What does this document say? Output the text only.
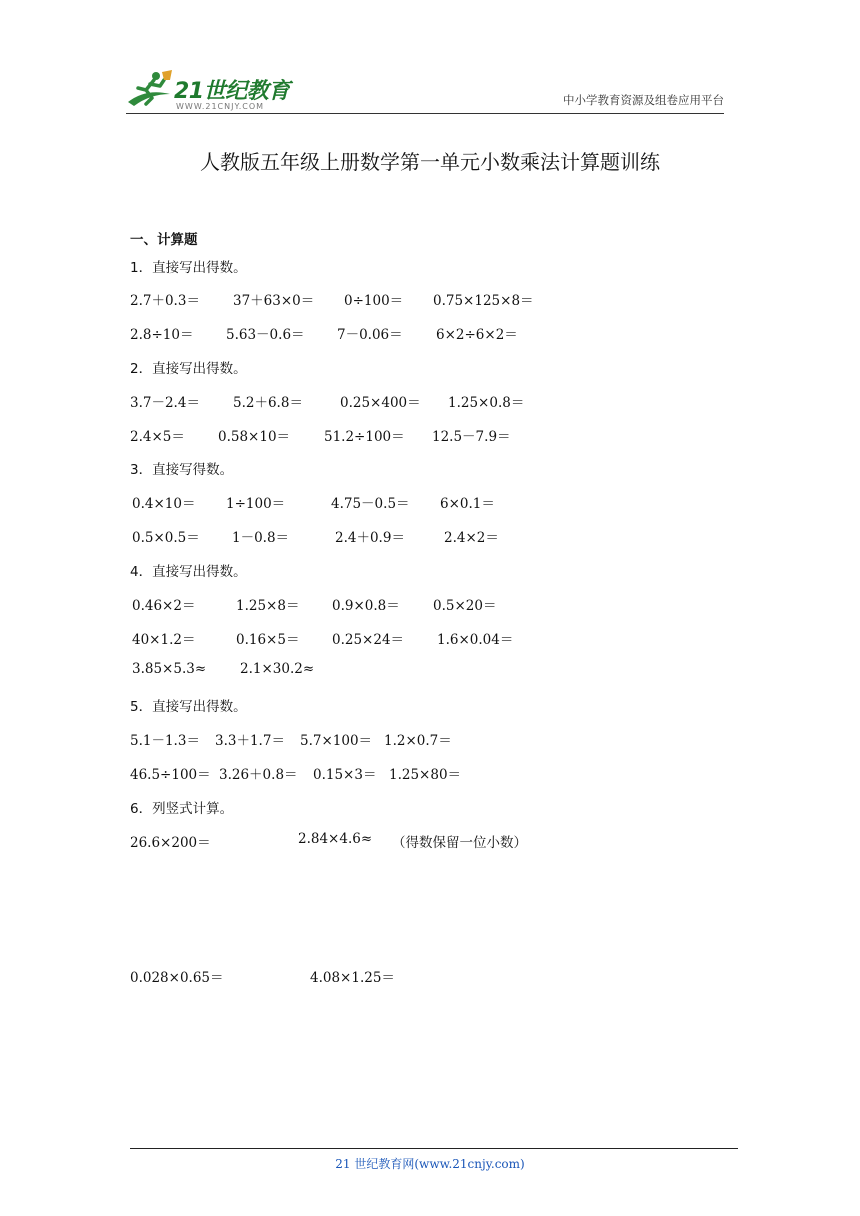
21世纪教育
WWW.21CNJY.COM	中小学教育资源及组卷应用平台
人教版五年级上册数学第一单元小数乘法计算题训练
一、计算题
1．直接写出得数。
2.7＋0.3＝ 37＋63×0＝ 0÷100＝ 0.75×125×8＝
2.8÷10＝ 5.63－0.6＝ 7－0.06＝ 6×2÷6×2＝
2．直接写出得数。
3.7－2.4＝ 5.2＋6.8＝	0.25×400＝ 1.25×0.8＝
2.4×5＝ 0.58×10＝	51.2÷100＝ 12.5－7.9＝
3．直接写得数。
0.4×10＝ 1÷100＝	4.75－0.5＝ 6×0.1＝
0.5×0.5＝ 1－0.8＝	2.4＋0.9＝	2.4×2＝
4．直接写出得数。
0.46×2＝	1.25×8＝ 0.9×0.8＝ 0.5×20＝
40×1.2＝	0.16×5＝ 0.25×24＝ 1.6×0.04＝
3.85×5.3≈	2.1×30.2≈
5．直接写出得数。
5.1－1.3＝ 3.3＋1.7＝ 5.7×100＝ 1.2×0.7＝
46.5÷100＝ 3.26＋0.8＝ 0.15×3＝ 1.25×80＝
6．列竖式计算。
26.6×200＝	2.84×4.6≈ （得数保留一位小数）
0.028×0.65＝	4.08×1.25＝
21 世纪教育网(www.21cnjy.com)
